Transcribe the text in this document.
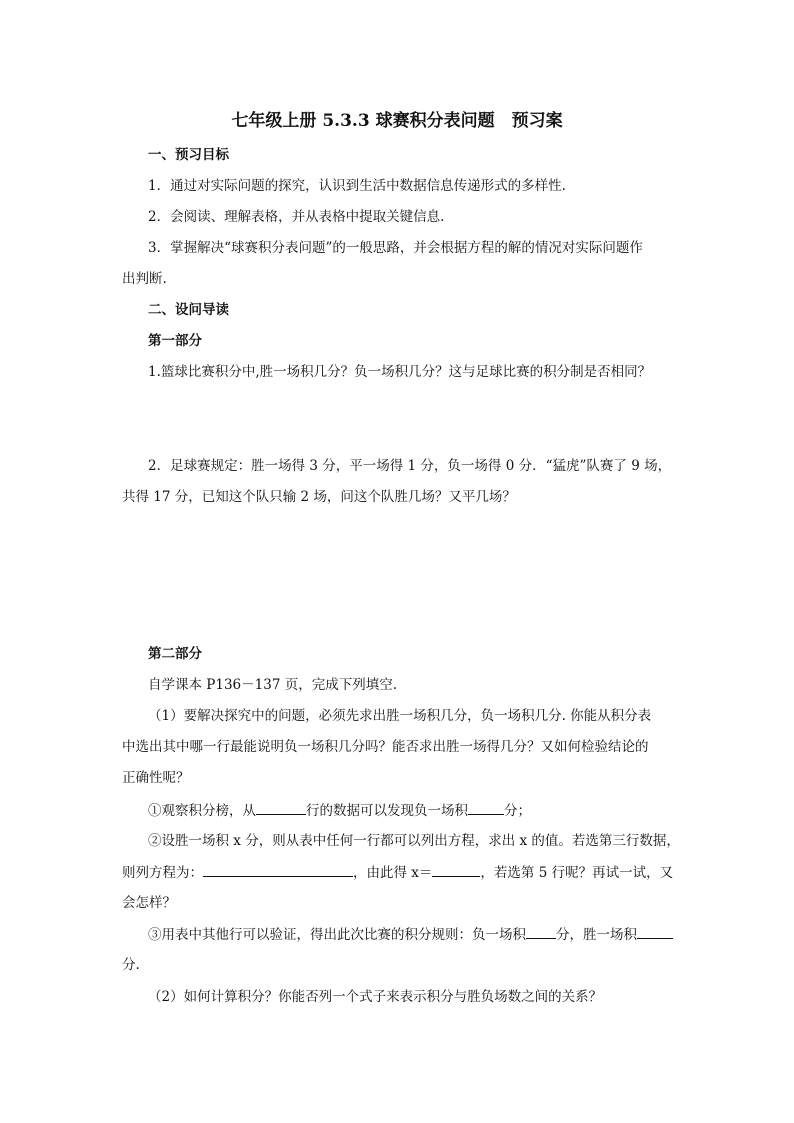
七年级上册 5.3.3 球赛积分表问题　预习案
一、预习目标
1．通过对实际问题的探究，认识到生活中数据信息传递形式的多样性.
2．会阅读、理解表格，并从表格中提取关键信息.
3．掌握解决“球赛积分表问题”的一般思路，并会根据方程的解的情况对实际问题作
出判断.
二、设问导读
第一部分
1.篮球比赛积分中,胜一场积几分？负一场积几分？这与足球比赛的积分制是否相同？
2．足球赛规定：胜一场得 3 分，平一场得 1 分，负一场得 0 分．“猛虎”队赛了 9 场，
共得 17 分，已知这个队只输 2 场，问这个队胜几场？又平几场？
第二部分
自学课本 P136－137 页，完成下列填空.
（1）要解决探究中的问题，必须先求出胜一场积几分，负一场积几分. 你能从积分表
中选出其中哪一行最能说明负一场积几分吗？能否求出胜一场得几分？又如何检验结论的
正确性呢？
①观察积分榜，从	行的数据可以发现负一场积	分；
②设胜一场积 x 分，则从表中任何一行都可以列出方程，求出 x 的值。若选第三行数据，
则列方程为：	，由此得 x＝	，若选第 5 行呢？再试一试，又
会怎样？
③用表中其他行可以验证，得出此次比赛的积分规则：负一场积 分，胜一场积
分.
（2）如何计算积分？你能否列一个式子来表示积分与胜负场数之间的关系？
